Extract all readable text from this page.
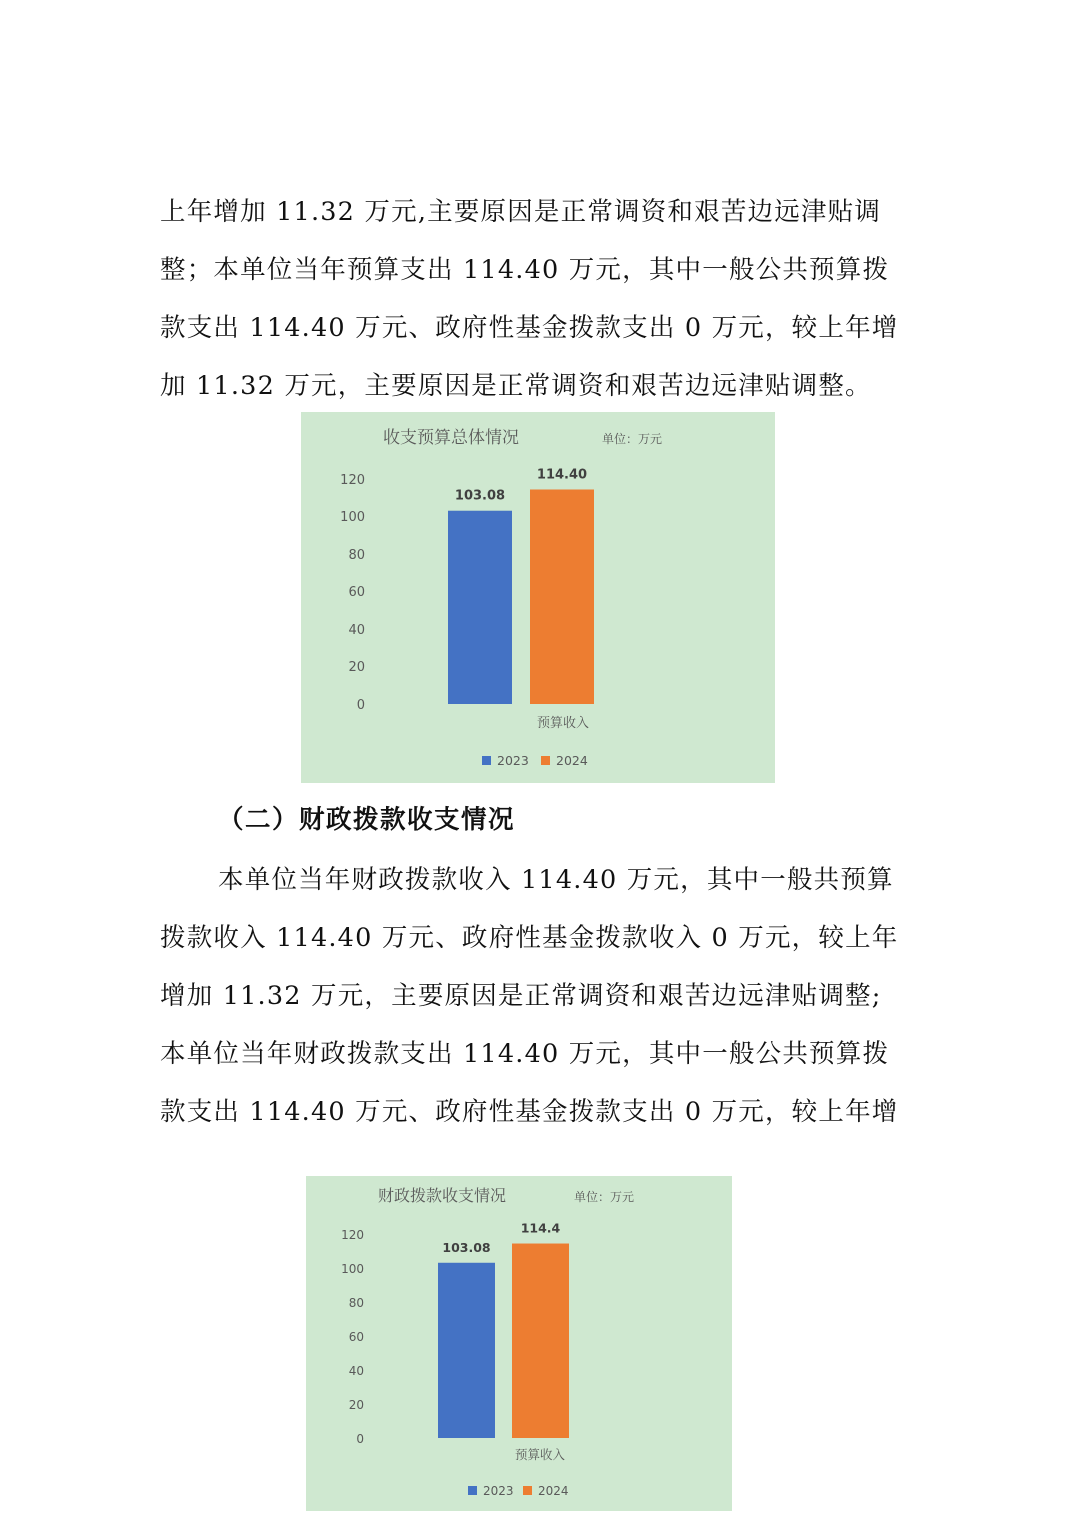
上年增加 11.32 万元,主要原因是正常调资和艰苦边远津贴调
整；本单位当年预算支出 114.40 万元，其中一般公共预算拨
款支出 114.40 万元、政府性基金拨款支出 0 万元，较上年增
加 11.32 万元，主要原因是正常调资和艰苦边远津贴调整。
收支预算总体情况	单位：万元
0
20
40
60
80
100
120
103.08
114.40
预算收入
2023 2024
（二）财政拨款收支情况
本单位当年财政拨款收入 114.40 万元，其中一般共预算
拨款收入 114.40 万元、政府性基金拨款收入 0 万元，较上年
增加 11.32 万元，主要原因是正常调资和艰苦边远津贴调整;
本单位当年财政拨款支出 114.40 万元，其中一般公共预算拨
款支出 114.40 万元、政府性基金拨款支出 0 万元，较上年增
财政拨款收支情况	单位：万元
0
20
40
60
80
100
120
103.08
114.4
预算收入
2023 2024
